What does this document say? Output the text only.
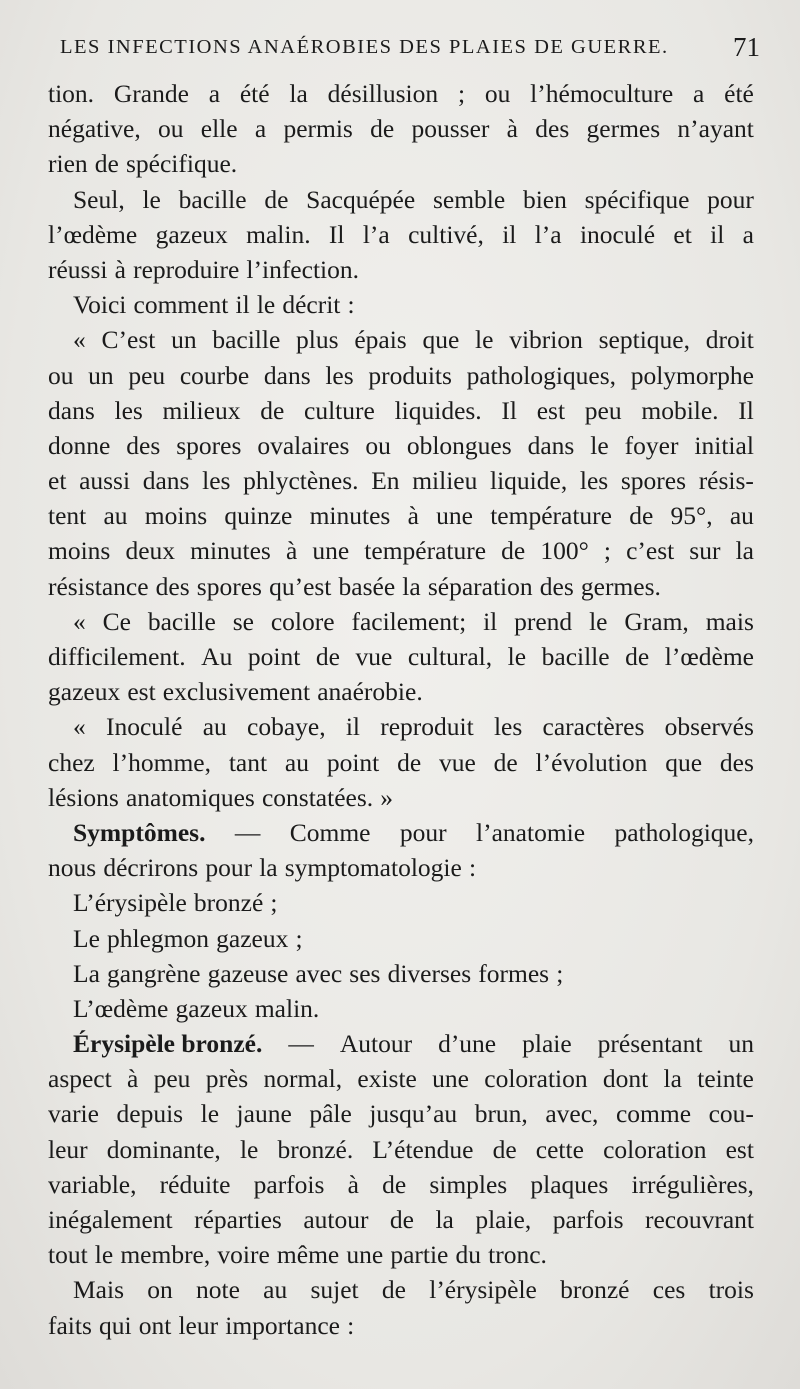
LES INFECTIONS ANAÉROBIES DES PLAIES DE GUERRE. 71
tion. Grande a été la désillusion ; ou l’hémoculture a été
négative, ou elle a permis de pousser à des germes n’ayant
rien de spécifique.
Seul, le bacille de Sacquépée semble bien spécifique pour
l’œdème gazeux malin. Il l’a cultivé, il l’a inoculé et il a
réussi à reproduire l’infection.
Voici comment il le décrit :
« C’est un bacille plus épais que le vibrion septique, droit
ou un peu courbe dans les produits pathologiques, polymorphe
dans les milieux de culture liquides. Il est peu mobile. Il
donne des spores ovalaires ou oblongues dans le foyer initial
et aussi dans les phlyctènes. En milieu liquide, les spores résis-
tent au moins quinze minutes à une température de 95°, au
moins deux minutes à une température de 100° ; c’est sur la
résistance des spores qu’est basée la séparation des germes.
« Ce bacille se colore facilement; il prend le Gram, mais
difficilement. Au point de vue cultural, le bacille de l’œdème
gazeux est exclusivement anaérobie.
« Inoculé au cobaye, il reproduit les caractères observés
chez l’homme, tant au point de vue de l’évolution que des
lésions anatomiques constatées. »
Symptômes. — Comme pour l’anatomie pathologique,
nous décrirons pour la symptomatologie :
L’érysipèle bronzé ;
Le phlegmon gazeux ;
La gangrène gazeuse avec ses diverses formes ;
L’œdème gazeux malin.
Érysipèle bronzé. — Autour d’une plaie présentant un
aspect à peu près normal, existe une coloration dont la teinte
varie depuis le jaune pâle jusqu’au brun, avec, comme cou-
leur dominante, le bronzé. L’étendue de cette coloration est
variable, réduite parfois à de simples plaques irrégulières,
inégalement réparties autour de la plaie, parfois recouvrant
tout le membre, voire même une partie du tronc.
Mais on note au sujet de l’érysipèle bronzé ces trois
faits qui ont leur importance :
